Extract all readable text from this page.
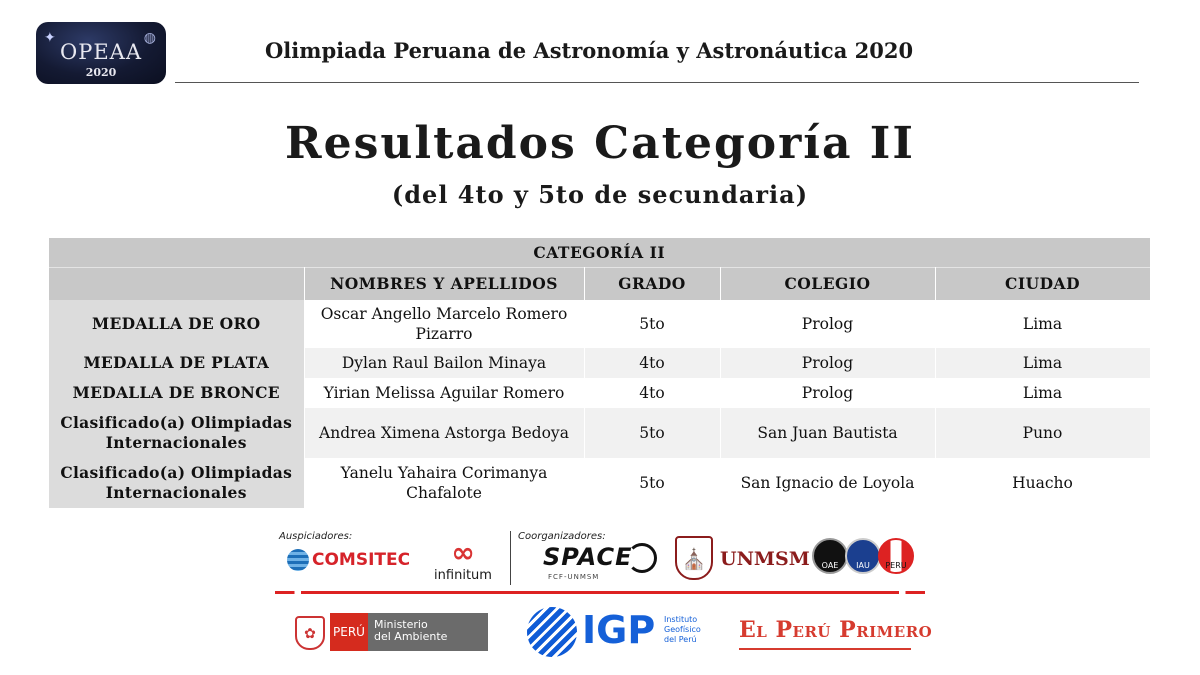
✦	◍
OPEAA
2020
Olimpiada Peruana de Astronomía y Astronáutica 2020
Resultados Categoría II
(del 4to y 5to de secundaria)
CATEGORÍA II				
	NOMBRES Y APELLIDOS	GRADO	COLEGIO	CIUDAD
MEDALLA DE ORO	Oscar Angello Marcelo Romero Pizarro	5to	Prolog	Lima
MEDALLA DE PLATA	Dylan Raul Bailon Minaya	4to	Prolog	Lima
MEDALLA DE BRONCE	Yirian Melissa Aguilar Romero	4to	Prolog	Lima
Clasificado(a) Olimpiadas Internacionales	Andrea Ximena Astorga Bedoya	5to	San Juan Bautista	Puno
Clasificado(a) Olimpiadas Internacionales	Yanelu Yahaira Corimanya Chafalote	5to	San Ignacio de Loyola	Huacho
Auspiciadores:
COMSITEC	∞
infinitum
Coorganizadores:
SPACE
FCF-UNMSM
⛪ UNMSM	OAE	IAU	PERU
✿	PERÚ
Ministerio
del Ambiente	IGP Instituto
Geofísico
del Perú El Perú Primero
